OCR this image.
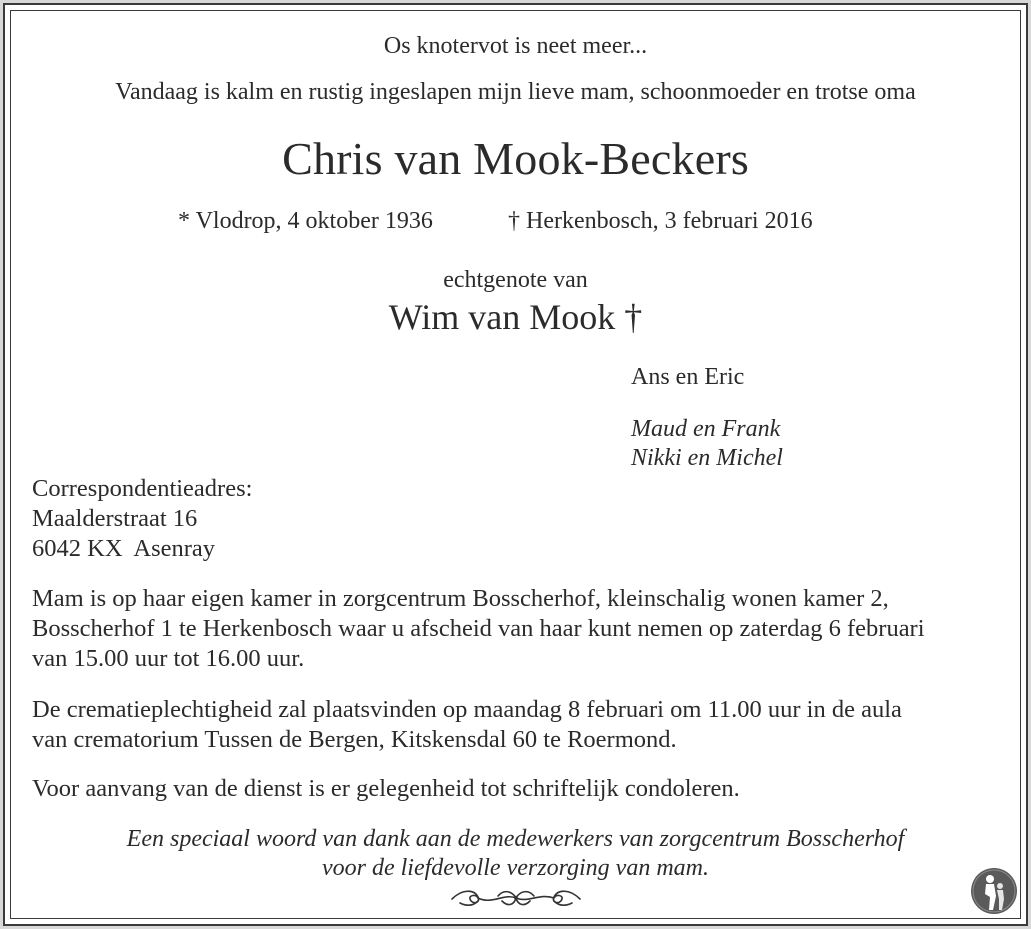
Os knotervot is neet meer...
Vandaag is kalm en rustig ingeslapen mijn lieve mam, schoonmoeder en trotse oma
Chris van Mook-Beckers
* Vlodrop, 4 oktober 1936	† Herkenbosch, 3 februari 2016
echtgenote van
Wim van Mook †
Ans en Eric
Maud en Frank
Nikki en Michel
Correspondentieadres:
Maalderstraat 16
6042 KX  Asenray
Mam is op haar eigen kamer in zorgcentrum Bosscherhof, kleinschalig wonen kamer 2,
Bosscherhof 1 te Herkenbosch waar u afscheid van haar kunt nemen op zaterdag 6 februari
van 15.00 uur tot 16.00 uur.
De crematieplechtigheid zal plaatsvinden op maandag 8 februari om 11.00 uur in de aula
van crematorium Tussen de Bergen, Kitskensdal 60 te Roermond.
Voor aanvang van de dienst is er gelegenheid tot schriftelijk condoleren.
Een speciaal woord van dank aan de medewerkers van zorgcentrum Bosscherhof
voor de liefdevolle verzorging van mam.
